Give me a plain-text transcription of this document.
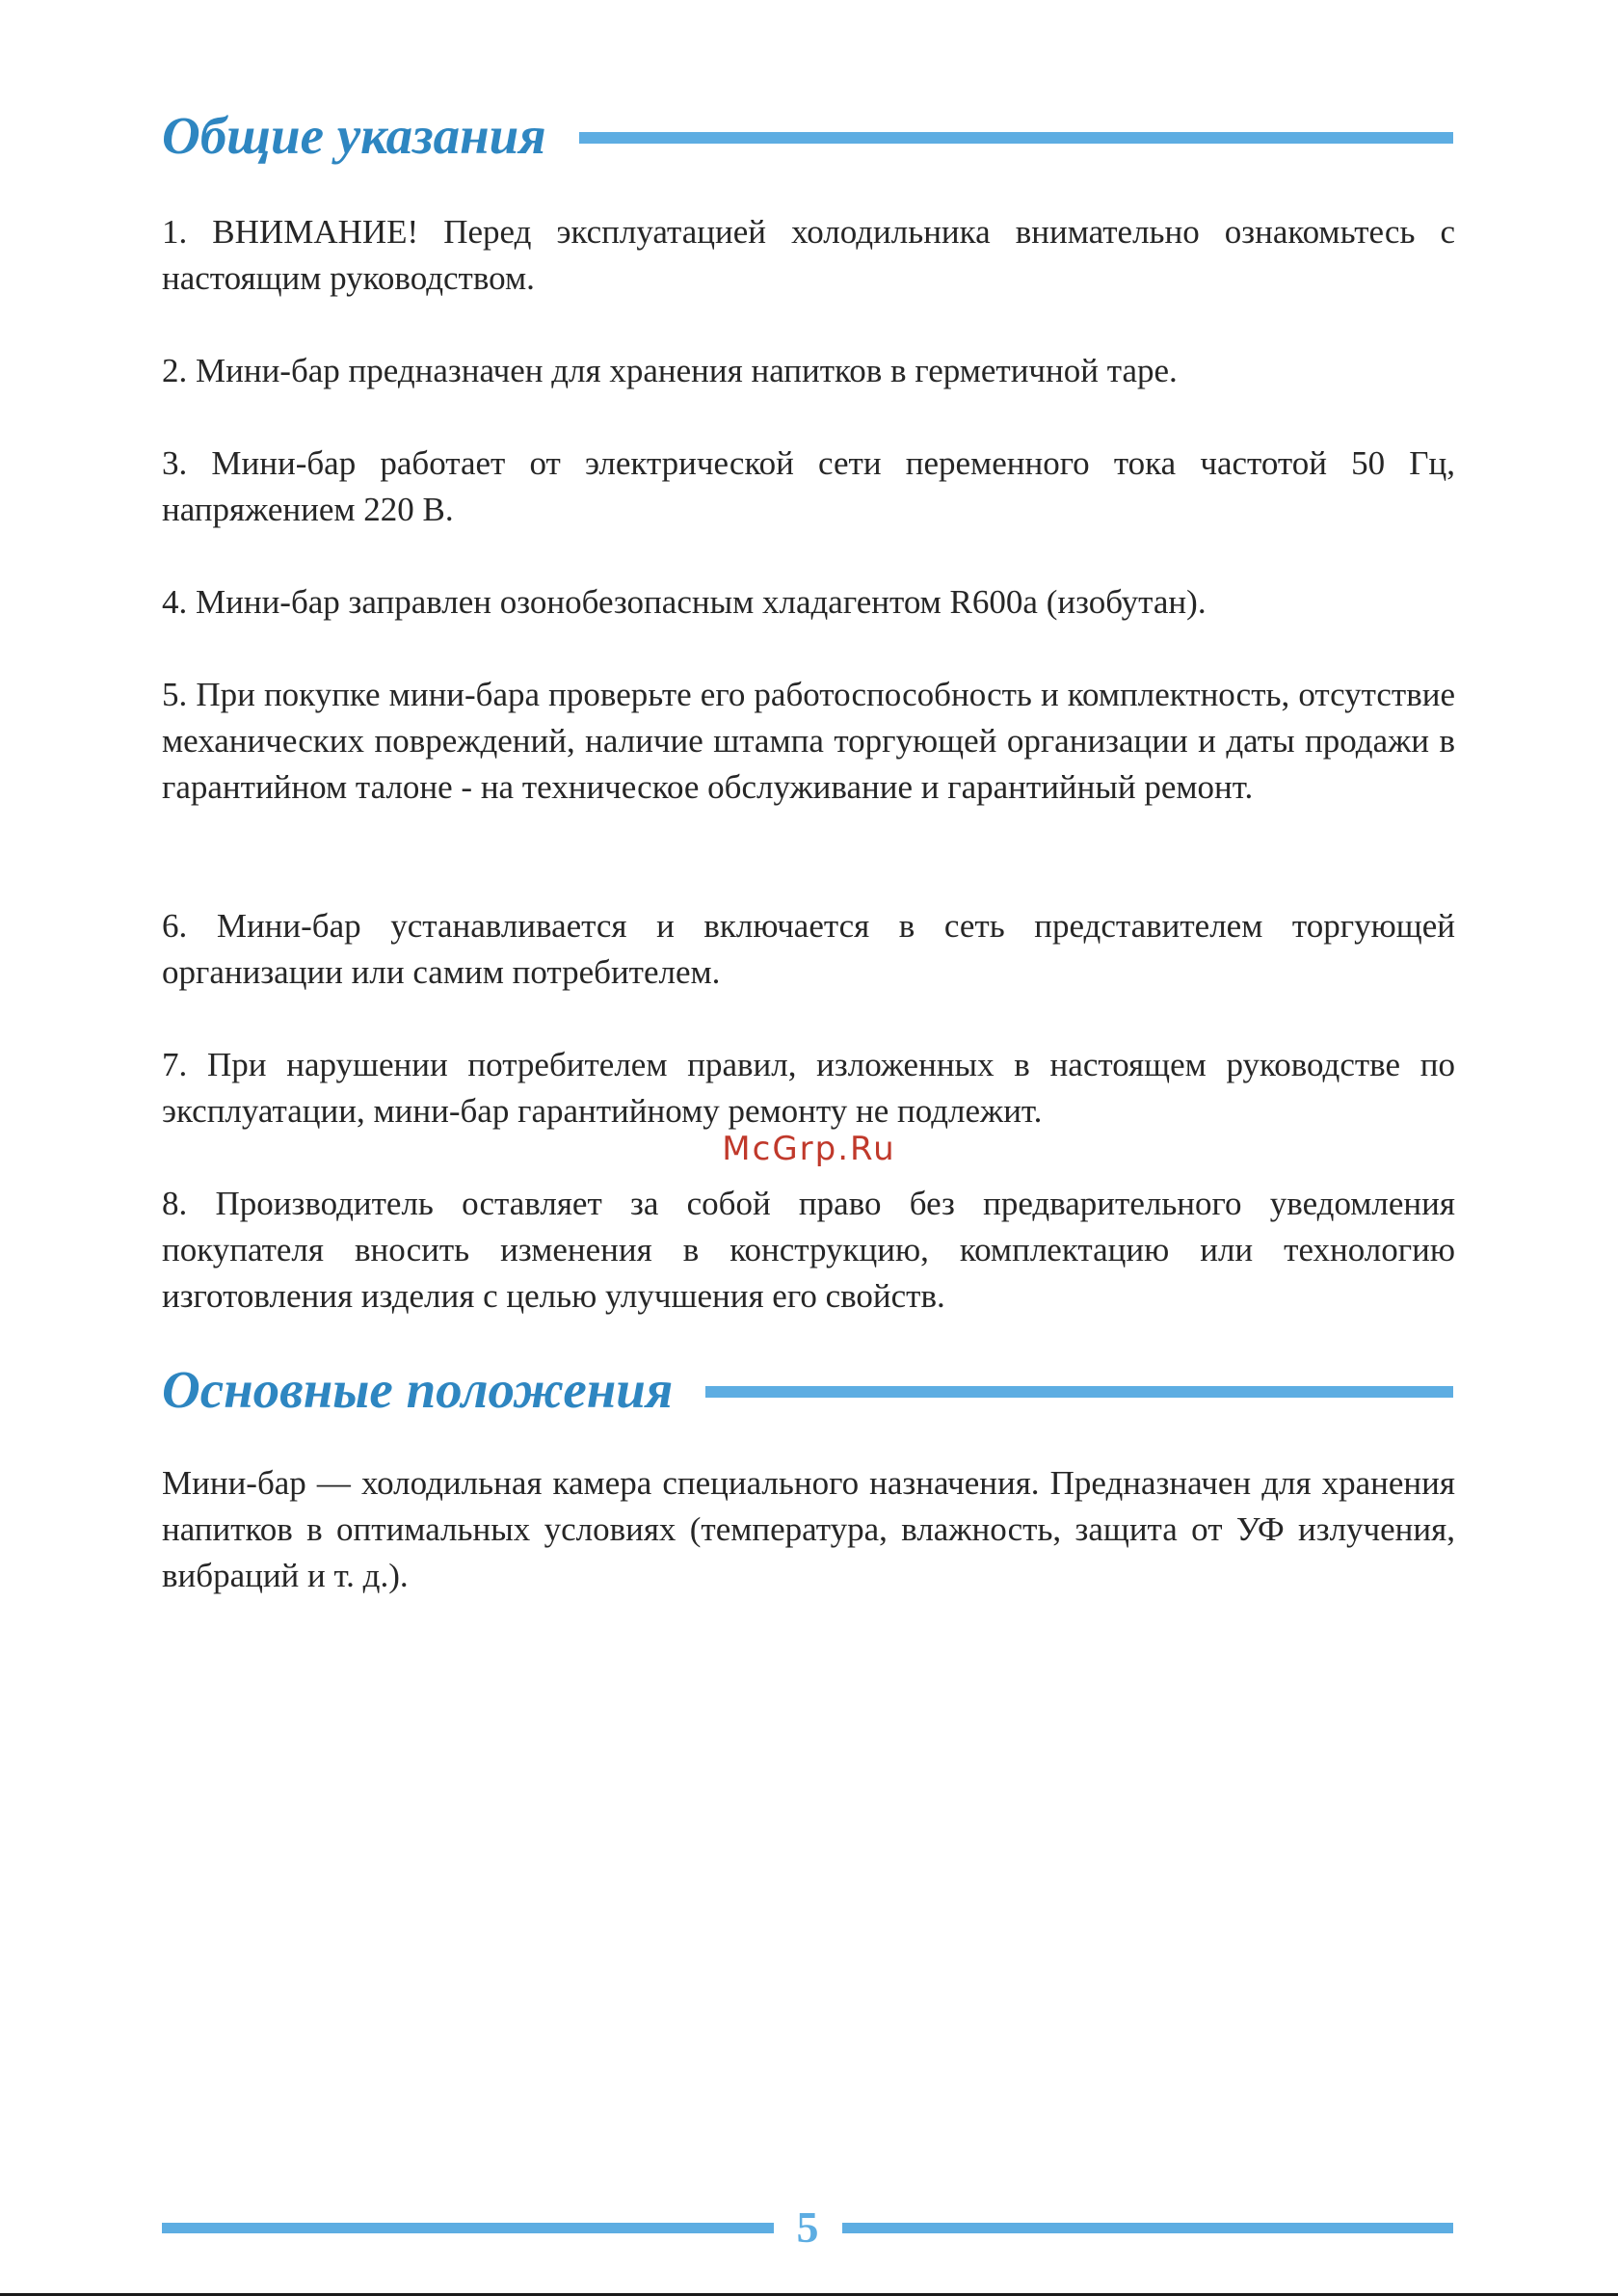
Общие указания

1. ВНИМАНИЕ! Перед эксплуатацией холодильника внимательно ознакомьтесь с настоящим руководством.

2. Мини-бар предназначен для хранения напитков в герметичной таре.

3. Мини-бар работает от электрической сети переменного тока частотой 50 Гц, напряжением 220 В.

4. Мини-бар заправлен озонобезопасным хладагентом R600a (изобутан).

5. При покупке мини-бара проверьте его работоспособность и комплектность, отсутствие механических повреждений, наличие штампа торгующей организации и даты продажи в гарантийном талоне - на техническое обслуживание и гарантийный ремонт.

6. Мини-бар устанавливается и включается в сеть представителем торгующей организации или самим потребителем.

7. При нарушении потребителем правил, изложенных в настоящем руководстве по эксплуатации, мини-бар гарантийному ремонту не подлежит.

8. Производитель оставляет за собой право без предварительного уведомления покупателя вносить изменения в конструкцию, комплектацию или технологию изготовления изделия с целью улучшения его свойств.

McGrp.Ru
Основные положения

Мини-бар — холодильная камера специального назначения. Предназначен для хранения напитков в оптимальных условиях (температура, влажность, защита от УФ излучения, вибраций и т. д.).

5
